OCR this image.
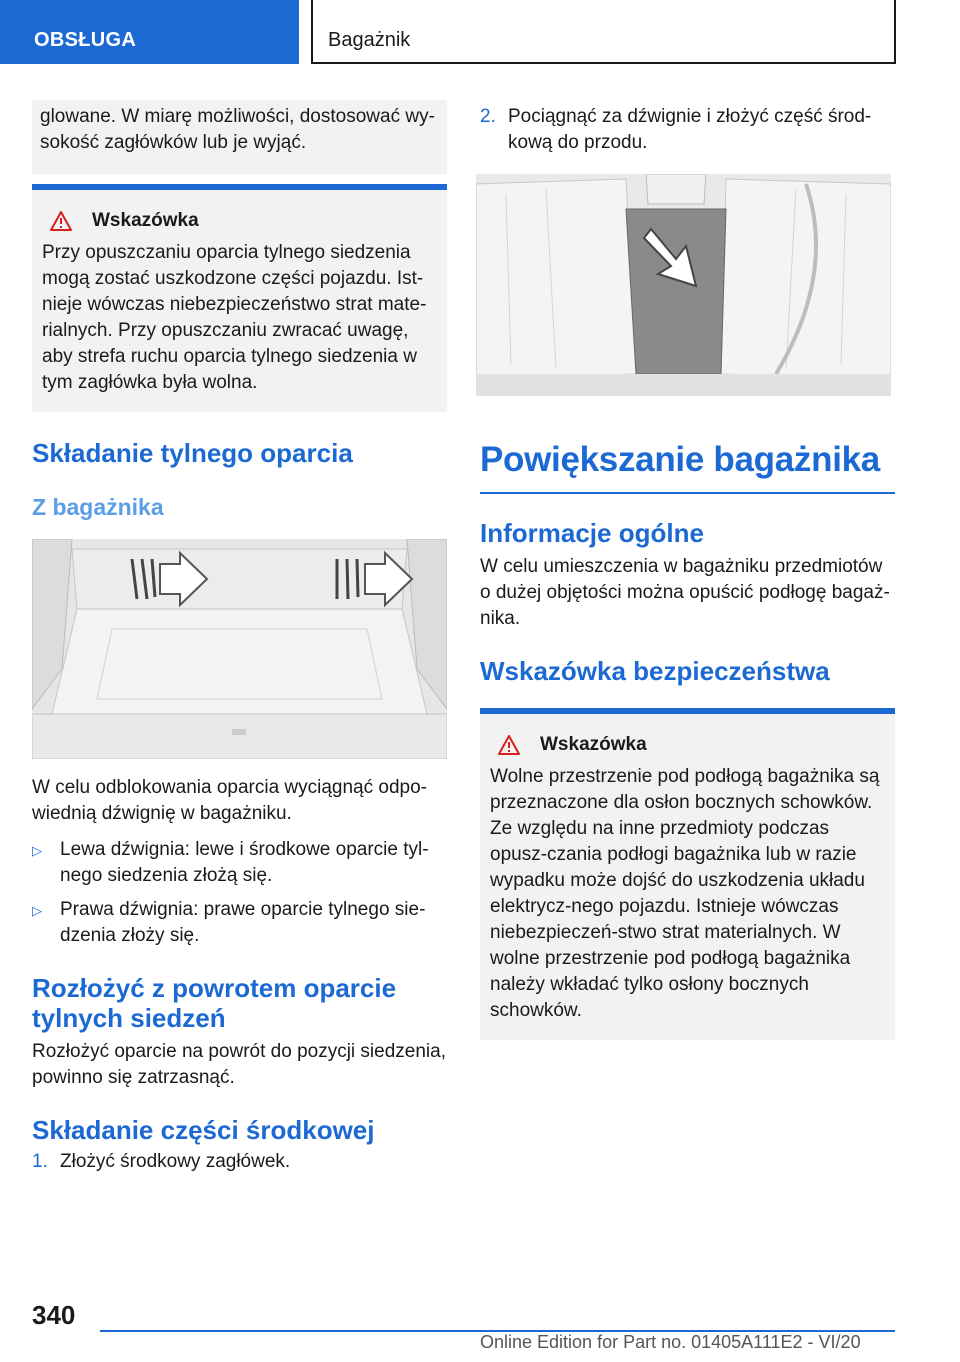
OBSŁUGA	Bagażnik

glowane. W miarę możliwości, dostosować wy-sokość zagłówków lub je wyjąć.

Wskazówka

Przy opuszczaniu oparcia tylnego siedzenia mogą zostać uszkodzone części pojazdu. Ist-nieje wówczas niebezpieczeństwo strat mate-rialnych. Przy opuszczaniu zwracać uwagę, aby strefa ruchu oparcia tylnego siedzenia w tym zagłówka była wolna.

Składanie tylnego oparcia
Z bagażnika

W celu odblokowania oparcia wyciągnąć odpo-wiednią dźwignię w bagażniku.

▷ Lewa dźwignia: lewe i środkowe oparcie tyl-nego siedzenia złożą się.
▷ Prawa dźwignia: prawe oparcie tylnego sie-dzenia złoży się.
Rozłożyć z powrotem oparcie tylnych siedzeń

Rozłożyć oparcie na powrót do pozycji siedzenia, powinno się zatrzasnąć.

Składanie części środkowej
1. Złożyć środkowy zagłówek.
2. Pociągnąć za dźwignie i złożyć część środ-kową do przodu.
Powiększanie bagażnika
Informacje ogólne

W celu umieszczenia w bagażniku przedmiotów o dużej objętości można opuścić podłogę bagaż-nika.

Wskazówka bezpieczeństwa
Wskazówka

Wolne przestrzenie pod podłogą bagażnika są przeznaczone dla osłon bocznych schowków. Ze względu na inne przedmioty podczas opusz-czania podłogi bagażnika lub w razie wypadku może dojść do uszkodzenia układu elektrycz-nego pojazdu. Istnieje wówczas niebezpieczeń-stwo strat materialnych. W wolne przestrzenie pod podłogą bagażnika należy wkładać tylko osłony bocznych schowków.

340
Online Edition for Part no. 01405A111E2 - VI/20
